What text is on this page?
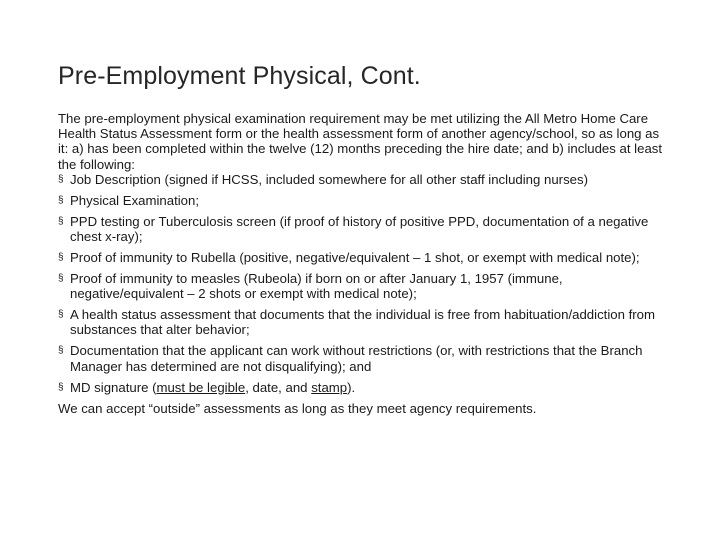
Pre-Employment Physical, Cont.

The pre-employment physical examination requirement may be met utilizing the All Metro Home Care Health Status Assessment form or the health assessment form of another agency/school, so as long as it: a) has been completed within the twelve (12) months preceding the hire date; and b) includes at least the following:

§ Job Description (signed if HCSS, included somewhere for all other staff including nurses)
§ Physical Examination;
§ PPD testing or Tuberculosis screen (if proof of history of positive PPD, documentation of a negative chest x-ray);
§ Proof of immunity to Rubella (positive, negative/equivalent – 1 shot, or exempt with medical note);
§ Proof of immunity to measles (Rubeola) if born on or after January 1, 1957 (immune, negative/equivalent – 2 shots or exempt with medical note);
§ A health status assessment that documents that the individual is free from habituation/addiction from substances that alter behavior;
§ Documentation that the applicant can work without restrictions (or, with restrictions that the Branch Manager has determined are not disqualifying); and
§ MD signature (must be legible, date, and stamp).

We can accept “outside” assessments as long as they meet agency requirements.
